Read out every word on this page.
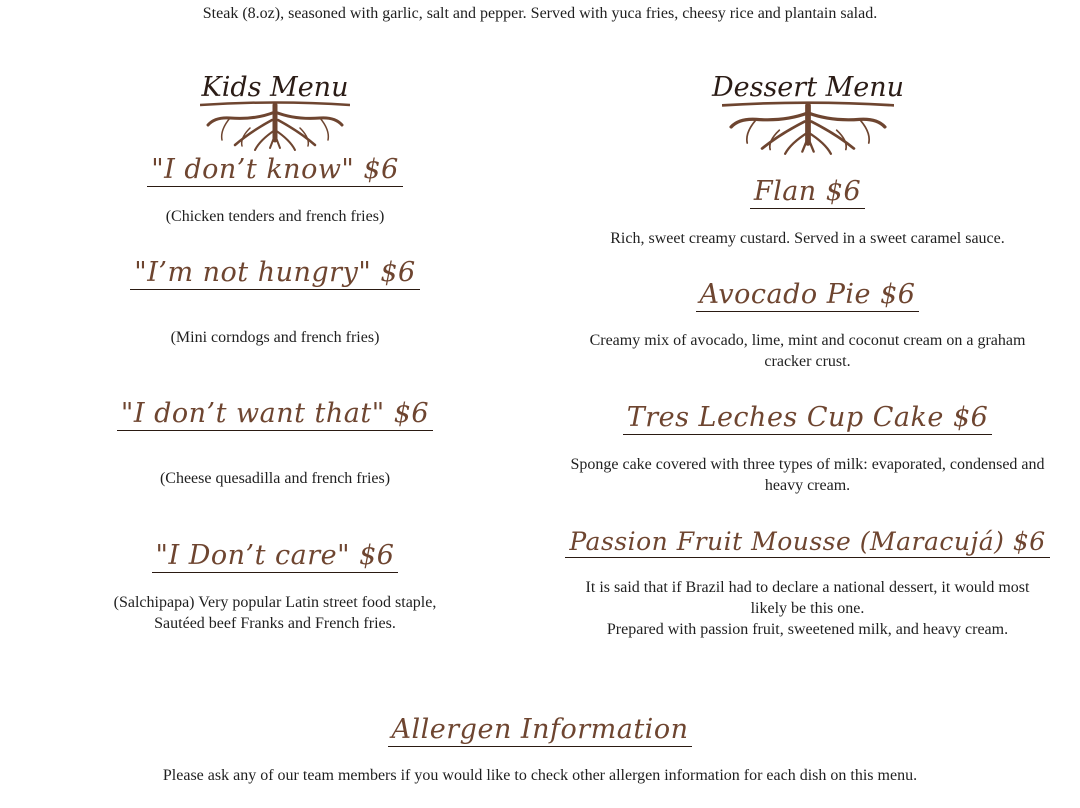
Steak (8.oz), seasoned with garlic, salt and pepper. Served with yuca fries, cheesy rice and plantain salad.
Kids Menu
"I don’t know" $6
(Chicken tenders and french fries)
"I’m not hungry" $6
(Mini corndogs and french fries)
"I don’t want that" $6
(Cheese quesadilla and french fries)
"I Don’t care" $6
(Salchipapa) Very popular Latin street food staple,
Sautéed beef Franks and French fries.
Dessert Menu
Flan $6
Rich, sweet creamy custard. Served in a sweet caramel sauce.
Avocado Pie $6
Creamy mix of avocado, lime, mint and coconut cream on a graham
cracker crust.
Tres Leches Cup Cake $6
Sponge cake covered with three types of milk: evaporated, condensed and
heavy cream.
Passion Fruit Mousse (Maracujá) $6
It is said that if Brazil had to declare a national dessert, it would most
likely be this one.
Prepared with passion fruit, sweetened milk, and heavy cream.
Allergen Information
Please ask any of our team members if you would like to check other allergen information for each dish on this menu.
